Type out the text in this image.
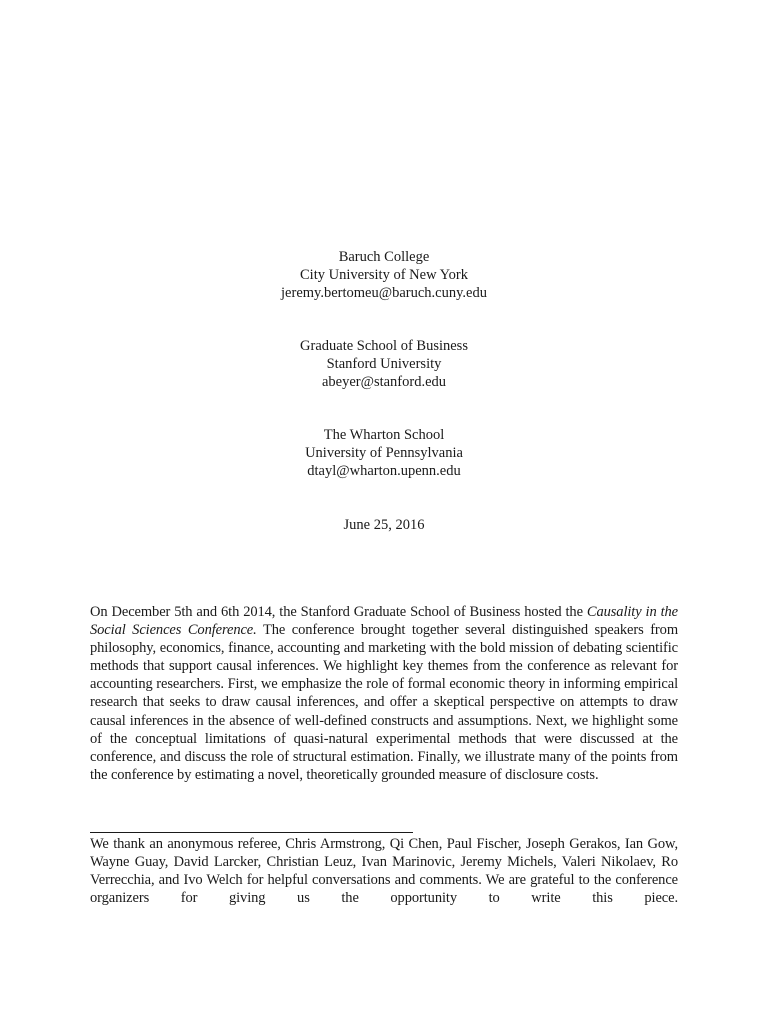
Baruch College
City University of New York
jeremy.bertomeu@baruch.cuny.edu
Graduate School of Business
Stanford University
abeyer@stanford.edu
The Wharton School
University of Pennsylvania
dtayl@wharton.upenn.edu
June 25, 2016
On December 5th and 6th 2014, the Stanford Graduate School of Business hosted the Causality in the Social Sciences Conference. The conference brought together several distinguished speakers from philosophy, economics, finance, accounting and marketing with the bold mission of debating scientific methods that support causal inferences. We highlight key themes from the conference as relevant for accounting researchers. First, we emphasize the role of formal economic theory in informing empirical research that seeks to draw causal inferences, and offer a skeptical perspective on attempts to draw causal inferences in the absence of well-defined constructs and assumptions. Next, we highlight some of the conceptual limitations of quasi-natural experimental methods that were discussed at the conference, and discuss the role of structural estimation. Finally, we illustrate many of the points from the conference by estimating a novel, theoretically grounded measure of disclosure costs.
We thank an anonymous referee, Chris Armstrong, Qi Chen, Paul Fischer, Joseph Gerakos, Ian Gow, Wayne Guay, David Larcker, Christian Leuz, Ivan Marinovic, Jeremy Michels, Valeri Nikolaev, Ro Verrecchia, and Ivo Welch for helpful conversations and comments. We are grateful to the conference organizers for giving us the opportunity to write this piece.
